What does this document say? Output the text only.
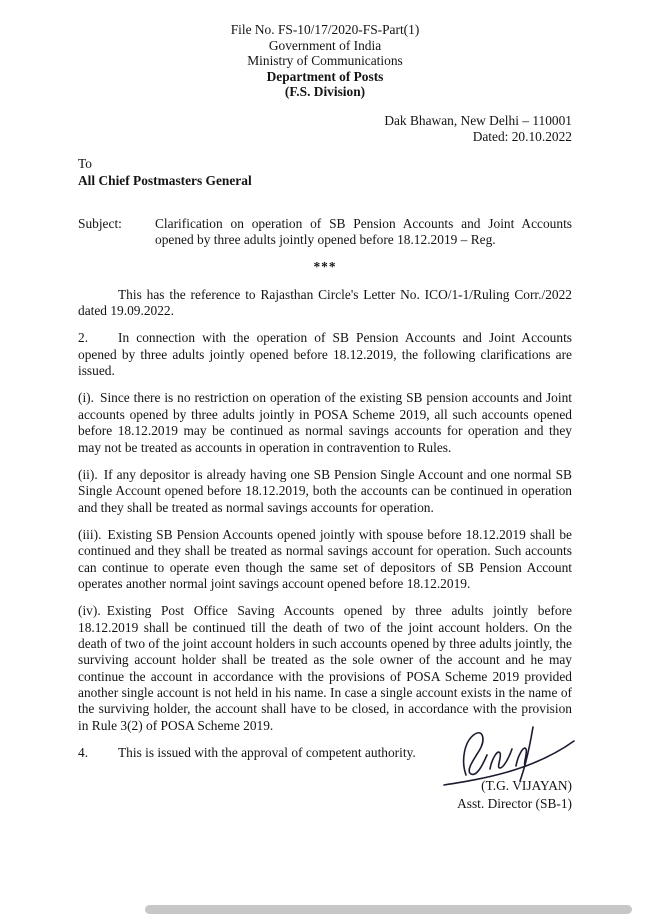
File No. FS-10/17/2020-FS-Part(1)
Government of India
Ministry of Communications
Department of Posts
(F.S. Division)
Dak Bhawan, New Delhi – 110001
Dated: 20.10.2022
To
All Chief Postmasters General
Subject:	Clarification on operation of SB Pension Accounts and Joint Accounts opened by three adults jointly opened before 18.12.2019 – Reg.
***

This has the reference to Rajasthan Circle's Letter No. ICO/1-1/Ruling Corr./2022 dated 19.09.2022.

2. In connection with the operation of SB Pension Accounts and Joint Accounts opened by three adults jointly opened before 18.12.2019, the following clarifications are issued.

(i). Since there is no restriction on operation of the existing SB pension accounts and Joint accounts opened by three adults jointly in POSA Scheme 2019, all such accounts opened before 18.12.2019 may be continued as normal savings accounts for operation and they may not be treated as accounts in operation in contravention to Rules.

(ii). If any depositor is already having one SB Pension Single Account and one normal SB Single Account opened before 18.12.2019, both the accounts can be continued in operation and they shall be treated as normal savings accounts for operation.

(iii). Existing SB Pension Accounts opened jointly with spouse before 18.12.2019 shall be continued and they shall be treated as normal savings account for operation. Such accounts can continue to operate even though the same set of depositors of SB Pension Account operates another normal joint savings account opened before 18.12.2019.

(iv). Existing Post Office Saving Accounts opened by three adults jointly before 18.12.2019 shall be continued till the death of two of the joint account holders. On the death of two of the joint account holders in such accounts opened by three adults jointly, the surviving account holder shall be treated as the sole owner of the account and he may continue the account in accordance with the provisions of POSA Scheme 2019 provided another single account is not held in his name. In case a single account exists in the name of the surviving holder, the account shall have to be closed, in accordance with the provision in Rule 3(2) of POSA Scheme 2019.

4. This is issued with the approval of competent authority.

(T.G. VIJAYAN)
Asst. Director (SB-1)
